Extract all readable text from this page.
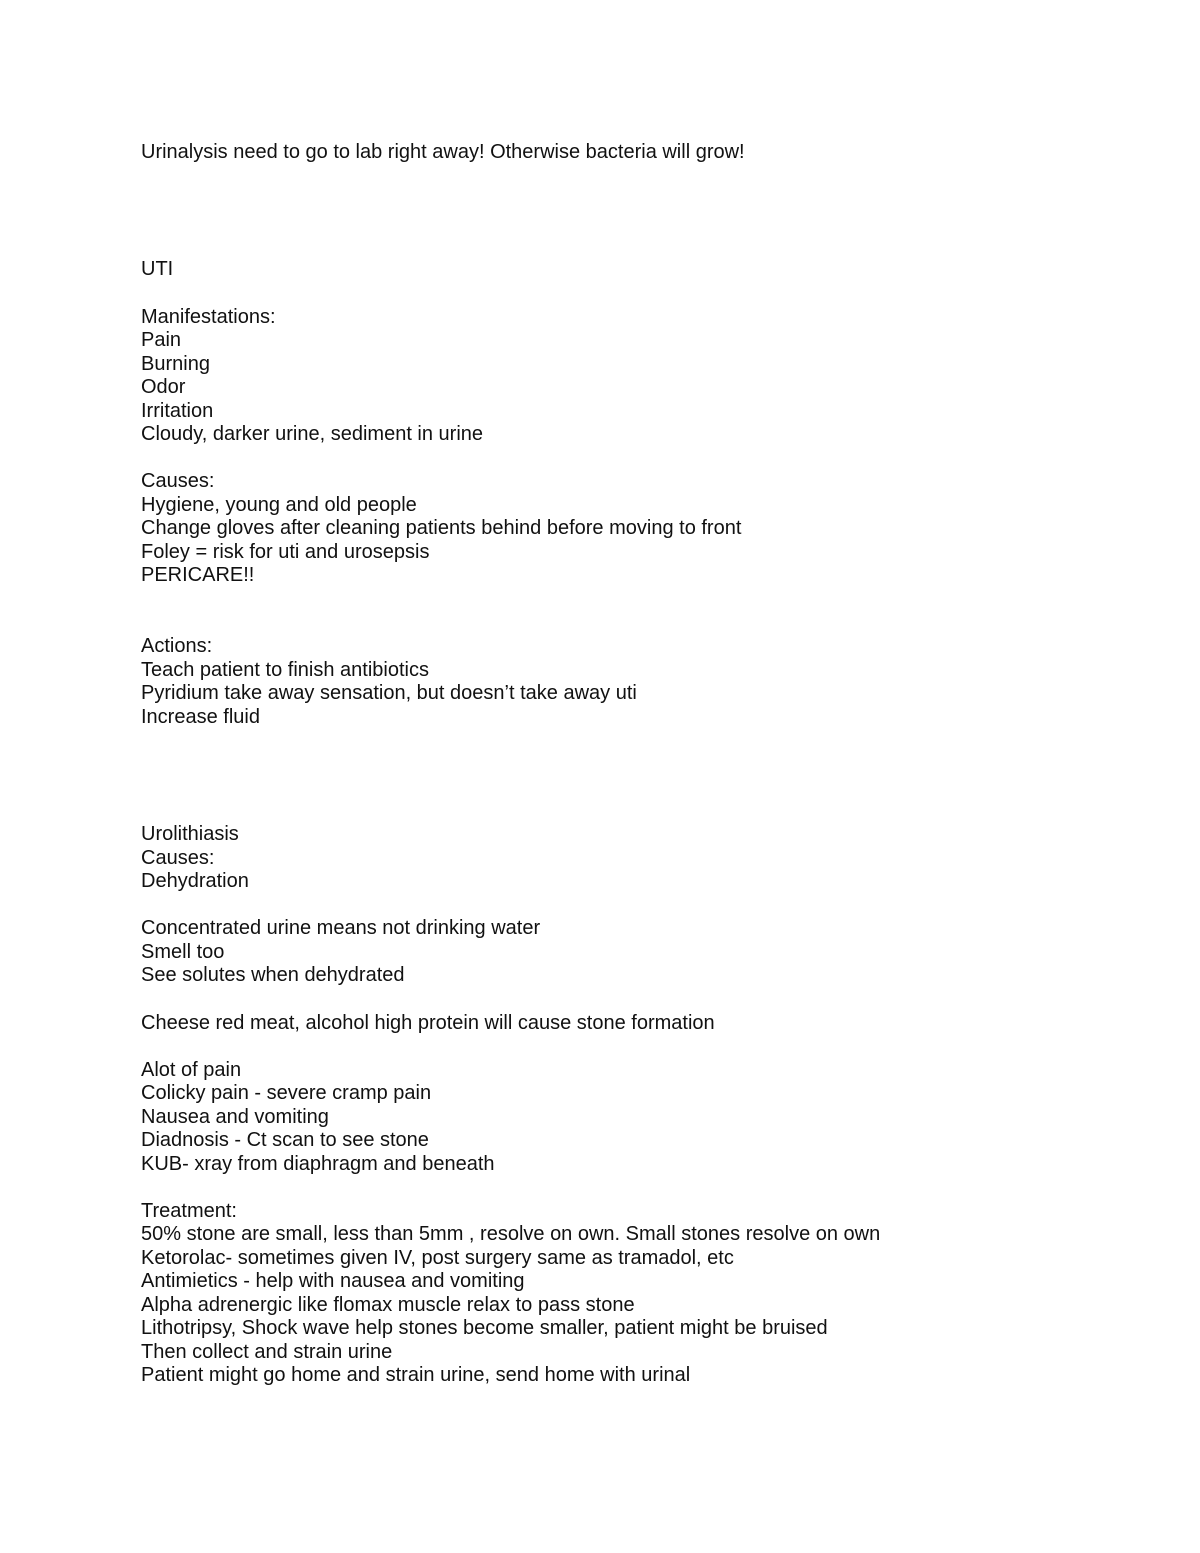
Urinalysis need to go to lab right away! Otherwise bacteria will grow!

UTI

Manifestations:

Pain

Burning

Odor

Irritation

Cloudy, darker urine, sediment in urine

Causes:

Hygiene, young and old people

Change gloves after cleaning patients behind before moving to front

Foley = risk for uti and urosepsis

PERICARE!!

Actions:

Teach patient to finish antibiotics

Pyridium take away sensation, but doesn’t take away uti

Increase fluid

Urolithiasis

Causes:

Dehydration

Concentrated urine means not drinking water

Smell too

See solutes when dehydrated

Cheese red meat, alcohol high protein will cause stone formation

Alot of pain

Colicky pain - severe cramp pain

Nausea and vomiting

Diadnosis - Ct scan to see stone

KUB- xray from diaphragm and beneath

Treatment:

50% stone are small, less than 5mm , resolve on own. Small stones resolve on own

Ketorolac- sometimes given IV, post surgery same as tramadol, etc

Antimietics - help with nausea and vomiting

Alpha adrenergic like flomax muscle relax to pass stone

Lithotripsy, Shock wave help stones become smaller, patient might be bruised

Then collect and strain urine

Patient might go home and strain urine, send home with urinal
